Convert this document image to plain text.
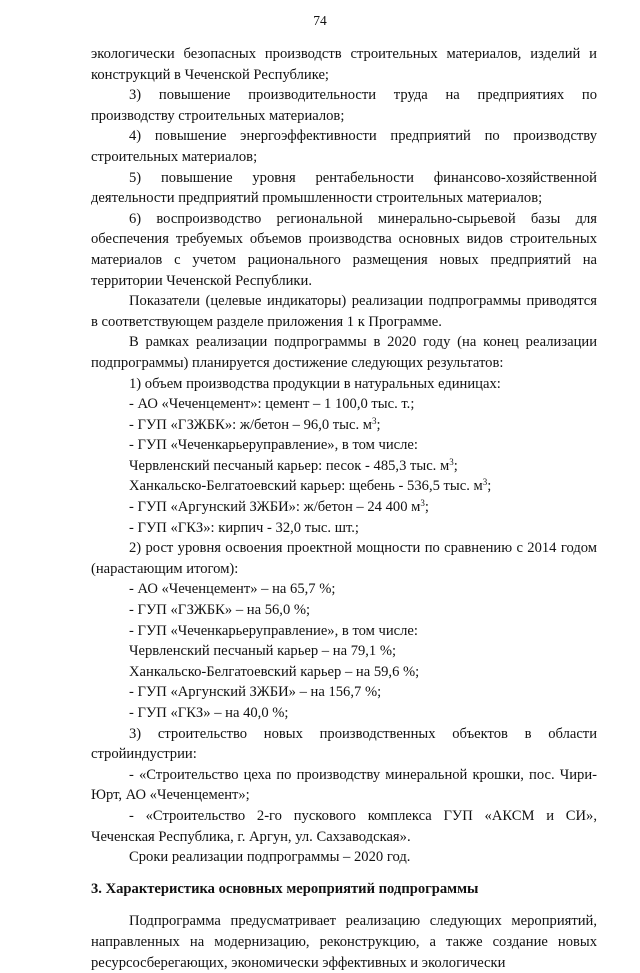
74

экологически безопасных производств строительных материалов, изделий и конструкций в Чеченской Республике;

3) повышение производительности труда на предприятиях по производству строительных материалов;

4) повышение энергоэффективности предприятий по производству строительных материалов;

5) повышение уровня рентабельности финансово-хозяйственной деятельности предприятий промышленности строительных материалов;

6) воспроизводство региональной минерально-сырьевой базы для обеспечения требуемых объемов производства основных видов строительных материалов с учетом рационального размещения новых предприятий на территории Чеченской Республики.

Показатели (целевые индикаторы) реализации подпрограммы приводятся в соответствующем разделе приложения 1 к Программе.

В рамках реализации подпрограммы в 2020 году (на конец реализации подпрограммы) планируется достижение следующих результатов:

1) объем производства продукции в натуральных единицах:

- АО «Чеченцемент»: цемент – 1 100,0 тыс. т.;

- ГУП «ГЗЖБК»: ж/бетон – 96,0 тыс. $м^3$;

- ГУП «Чеченкарьеруправление», в том числе:

Червленский песчаный карьер: песок - 485,3 тыс. $м^3$;

Ханкальско-Белгатоевский карьер: щебень - 536,5 тыс. $м^3$;

- ГУП «Аргунский ЗЖБИ»: ж/бетон – 24 400 $м^3$;

- ГУП «ГКЗ»: кирпич - 32,0 тыс. шт.;

2) рост уровня освоения проектной мощности по сравнению с 2014 годом (нарастающим итогом):

- АО «Чеченцемент» – на 65,7 %;

- ГУП «ГЗЖБК» – на 56,0 %;

- ГУП «Чеченкарьеруправление», в том числе:

Червленский песчаный карьер – на 79,1 %;

Ханкальско-Белгатоевский карьер – на 59,6 %;

- ГУП «Аргунский ЗЖБИ» – на 156,7 %;

- ГУП «ГКЗ» – на 40,0 %;

3) строительство новых производственных объектов в области стройиндустрии:

- «Строительство цеха по производству минеральной крошки, пос. Чири-Юрт, АО «Чеченцемент»;

- «Строительство 2-го пускового комплекса ГУП «АКСМ и СИ», Чеченская Республика, г. Аргун, ул. Сахзаводская».

Сроки реализации подпрограммы – 2020 год.

3. Характеристика основных мероприятий подпрограммы

Подпрограмма предусматривает реализацию следующих мероприятий, направленных на модернизацию, реконструкцию, а также создание новых ресурсосберегающих, экономически эффективных и экологически
